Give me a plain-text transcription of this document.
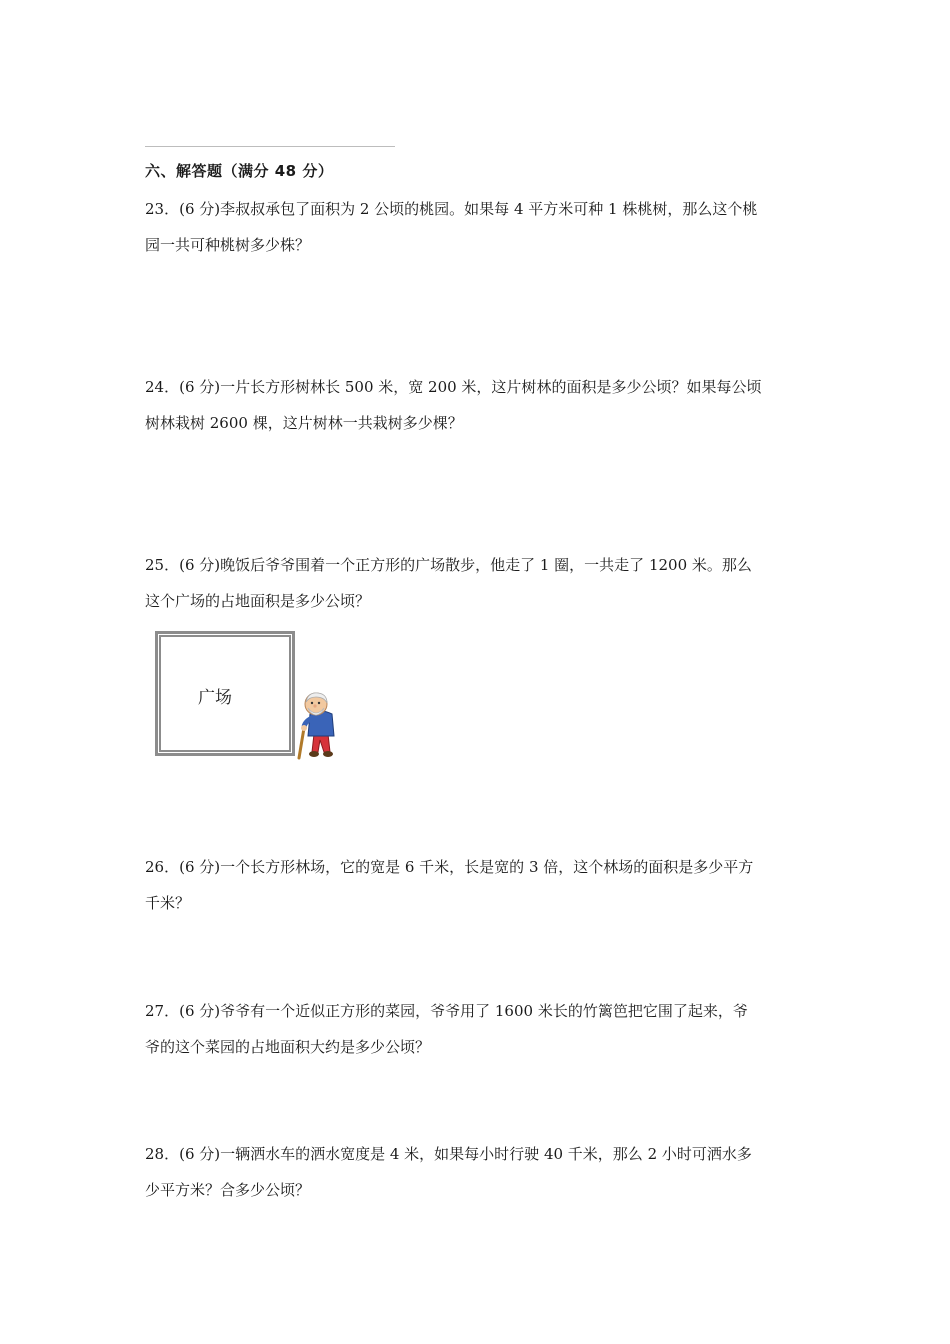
六、解答题（满分 48 分）

23．(6 分)李叔叔承包了面积为 2 公顷的桃园。如果每 4 平方米可种 1 株桃树，那么这个桃

园一共可种桃树多少株？

24．(6 分)一片长方形树林长 500 米，宽 200 米，这片树林的面积是多少公顷？如果每公顷

树林栽树 2600 棵，这片树林一共栽树多少棵？

25．(6 分)晚饭后爷爷围着一个正方形的广场散步，他走了 1 圈，一共走了 1200 米。那么

这个广场的占地面积是多少公顷？

广场

26．(6 分)一个长方形林场，它的宽是 6 千米，长是宽的 3 倍，这个林场的面积是多少平方

千米？

27．(6 分)爷爷有一个近似正方形的菜园，爷爷用了 1600 米长的竹篱笆把它围了起来，爷

爷的这个菜园的占地面积大约是多少公顷？

28．(6 分)一辆洒水车的洒水宽度是 4 米，如果每小时行驶 40 千米，那么 2 小时可洒水多

少平方米？合多少公顷？
